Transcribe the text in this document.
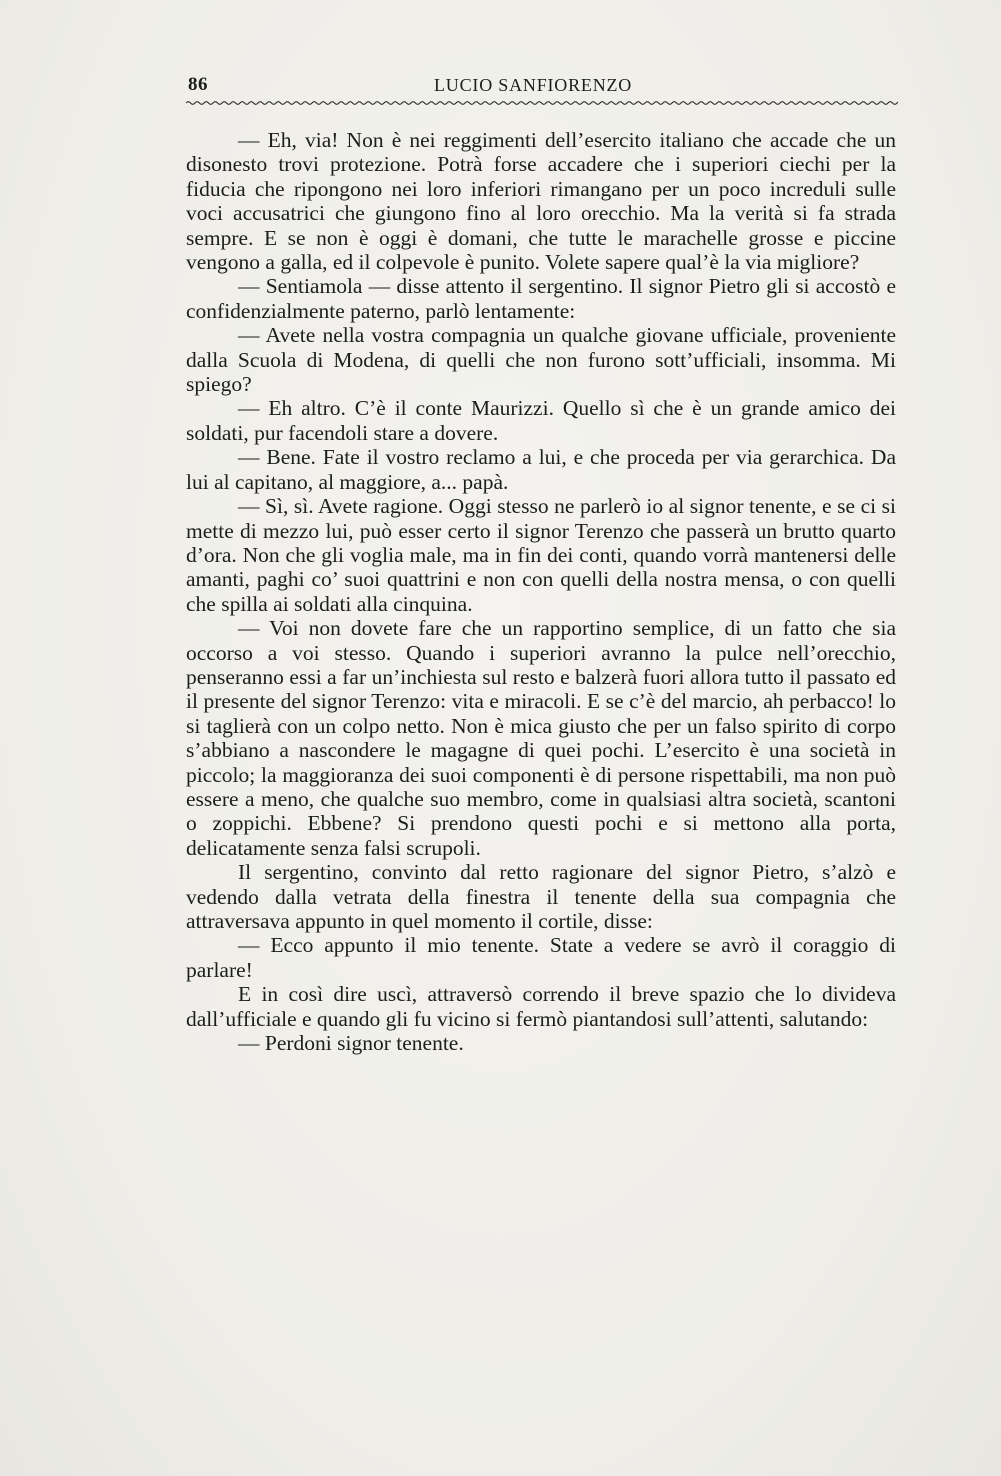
86	LUCIO SANFIORENZO

— Eh, via! Non è nei reggimenti dell’esercito italiano che accade che un disonesto trovi protezione. Potrà forse accadere che i superiori ciechi per la fiducia che ripongono nei loro inferiori rimangano per un poco increduli sulle voci accusatrici che giungono fino al loro orecchio. Ma la verità si fa strada sempre. E se non è oggi è domani, che tutte le marachelle grosse e piccine vengono a galla, ed il colpevole è punito. Volete sapere qual’è la via migliore?

— Sentiamola — disse attento il sergentino. Il signor Pietro gli si accostò e confidenzialmente paterno, parlò lentamente:

— Avete nella vostra compagnia un qualche giovane ufficiale, proveniente dalla Scuola di Modena, di quelli che non furono sott’ufficiali, insomma. Mi spiego?

— Eh altro. C’è il conte Maurizzi. Quello sì che è un grande amico dei soldati, pur facendoli stare a dovere.

— Bene. Fate il vostro reclamo a lui, e che proceda per via gerarchica. Da lui al capitano, al maggiore, a... papà.

— Sì, sì. Avete ragione. Oggi stesso ne parlerò io al signor tenente, e se ci si mette di mezzo lui, può esser certo il signor Terenzo che passerà un brutto quarto d’ora. Non che gli voglia male, ma in fin dei conti, quando vorrà mantenersi delle amanti, paghi co’ suoi quattrini e non con quelli della nostra mensa, o con quelli che spilla ai soldati alla cinquina.

— Voi non dovete fare che un rapportino semplice, di un fatto che sia occorso a voi stesso. Quando i superiori avranno la pulce nell’orecchio, penseranno essi a far un’inchiesta sul resto e balzerà fuori allora tutto il passato ed il presente del signor Terenzo: vita e miracoli. E se c’è del marcio, ah perbacco! lo si taglierà con un colpo netto. Non è mica giusto che per un falso spirito di corpo s’abbiano a nascondere le magagne di quei pochi. L’esercito è una società in piccolo; la maggioranza dei suoi componenti è di persone rispettabili, ma non può essere a meno, che qualche suo membro, come in qualsiasi altra società, scantoni o zoppichi. Ebbene? Si prendono questi pochi e si mettono alla porta, delicatamente senza falsi scrupoli.

Il sergentino, convinto dal retto ragionare del signor Pietro, s’alzò e vedendo dalla vetrata della finestra il tenente della sua compagnia che attraversava appunto in quel momento il cortile, disse:

— Ecco appunto il mio tenente. State a vedere se avrò il coraggio di parlare!

E in così dire uscì, attraversò correndo il breve spazio che lo divideva dall’ufficiale e quando gli fu vicino si fermò piantandosi sull’attenti, salutando:

— Perdoni signor tenente.
